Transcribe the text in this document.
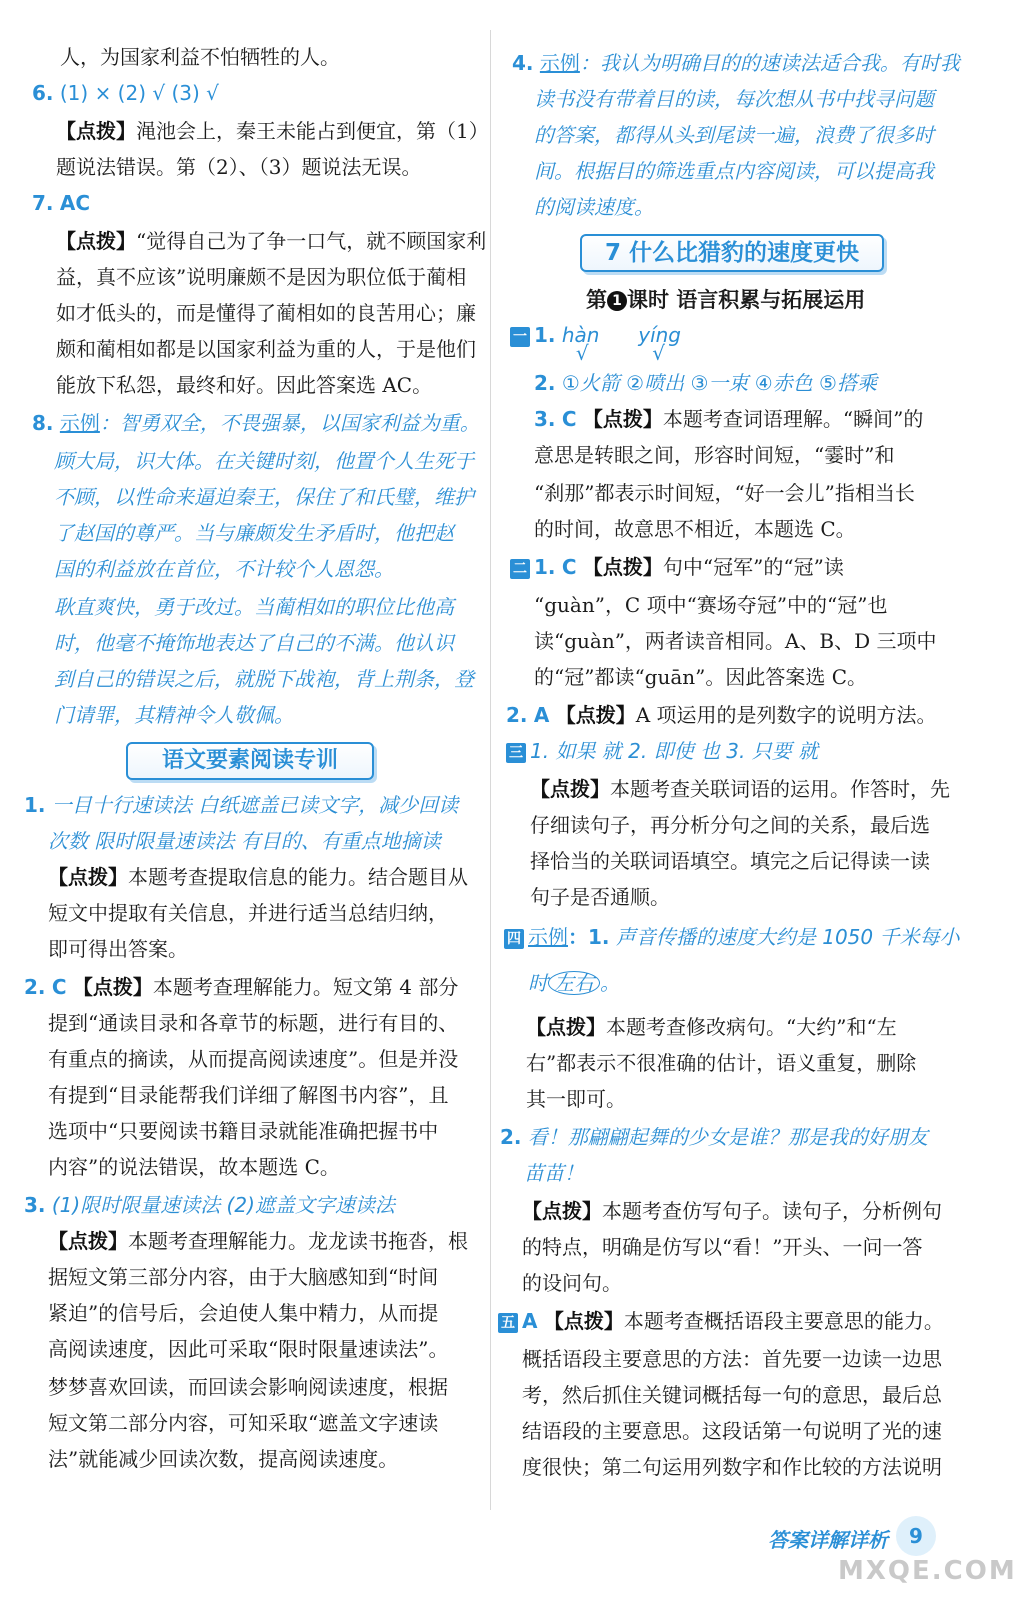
人，为国家利益不怕牺牲的人。
6. (1) × (2) √ (3) √
【点拨】渑池会上，秦王未能占到便宜，第（1）
题说法错误。第（2）、（3）题说法无误。
7. AC
【点拨】“觉得自己为了争一口气，就不顾国家利
益，真不应该”说明廉颇不是因为职位低于蔺相
如才低头的，而是懂得了蔺相如的良苦用心；廉
颇和蔺相如都是以国家利益为重的人，于是他们
能放下私怨，最终和好。因此答案选 AC。
8. 示例：智勇双全，不畏强暴，以国家利益为重。
顾大局，识大体。在关键时刻，他置个人生死于
不顾，以性命来逼迫秦王，保住了和氏璧，维护
了赵国的尊严。当与廉颇发生矛盾时，他把赵
国的利益放在首位，不计较个人恩怨。
耿直爽快，勇于改过。当蔺相如的职位比他高
时，他毫不掩饰地表达了自己的不满。他认识
到自己的错误之后，就脱下战袍，背上荆条，登
门请罪，其精神令人敬佩。
语文要素阅读专训
1. 一目十行速读法 白纸遮盖已读文字，减少回读
次数 限时限量速读法 有目的、有重点地摘读
【点拨】本题考查提取信息的能力。结合题目从
短文中提取有关信息，并进行适当总结归纳，
即可得出答案。
2. C 【点拨】本题考查理解能力。短文第 4 部分
提到“通读目录和各章节的标题，进行有目的、
有重点的摘读，从而提高阅读速度”。但是并没
有提到“目录能帮我们详细了解图书内容”，且
选项中“只要阅读书籍目录就能准确把握书中
内容”的说法错误，故本题选 C。
3. (1)限时限量速读法 (2)遮盖文字速读法
【点拨】本题考查理解能力。龙龙读书拖沓，根
据短文第三部分内容，由于大脑感知到“时间
紧迫”的信号后，会迫使人集中精力，从而提
高阅读速度，因此可采取“限时限量速读法”。
梦梦喜欢回读，而回读会影响阅读速度，根据
短文第二部分内容，可知采取“遮盖文字速读
法”就能减少回读次数，提高阅读速度。
4. 示例：我认为明确目的的速读法适合我。有时我
读书没有带着目的读，每次想从书中找寻问题
的答案，都得从头到尾读一遍，浪费了很多时
间。根据目的筛选重点内容阅读，可以提高我
的阅读速度。
7 什么比猎豹的速度更快
第 1 课时 语言积累与拓展运用
一 1. hàn
√
yíng
√
2. ①火箭 ②喷出 ③一束 ④赤色 ⑤搭乘
3. C 【点拨】本题考查词语理解。“瞬间”的
意思是转眼之间，形容时间短，“霎时”和
“刹那”都表示时间短，“好一会儿”指相当长
的时间，故意思不相近，本题选 C。
二 1. C 【点拨】句中“冠军”的“冠”读
“guàn”，C 项中“赛场夺冠”中的“冠”也
读“guàn”，两者读音相同。A、B、D 三项中
的“冠”都读“guān”。因此答案选 C。
2. A 【点拨】A 项运用的是列数字的说明方法。
三 1. 如果 就 2. 即使 也 3. 只要 就
【点拨】本题考查关联词语的运用。作答时，先
仔细读句子，再分析分句之间的关系，最后选
择恰当的关联词语填空。填完之后记得读一读
句子是否通顺。
四 示例：1. 声音传播的速度大约是 1050 千米每小
时 左右 。
【点拨】本题考查修改病句。“大约”和“左
右”都表示不很准确的估计，语义重复，删除
其一即可。
2. 看！那翩翩起舞的少女是谁？那是我的好朋友
苗苗！
【点拨】本题考查仿写句子。读句子，分析例句
的特点，明确是仿写以“看！”开头、一问一答
的设问句。
五 A 【点拨】本题考查概括语段主要意思的能力。
概括语段主要意思的方法：首先要一边读一边思
考，然后抓住关键词概括每一句的意思，最后总
结语段的主要意思。这段话第一句说明了光的速
度很快；第二句运用列数字和作比较的方法说明
答案详解详析	9
MXQE.COM
